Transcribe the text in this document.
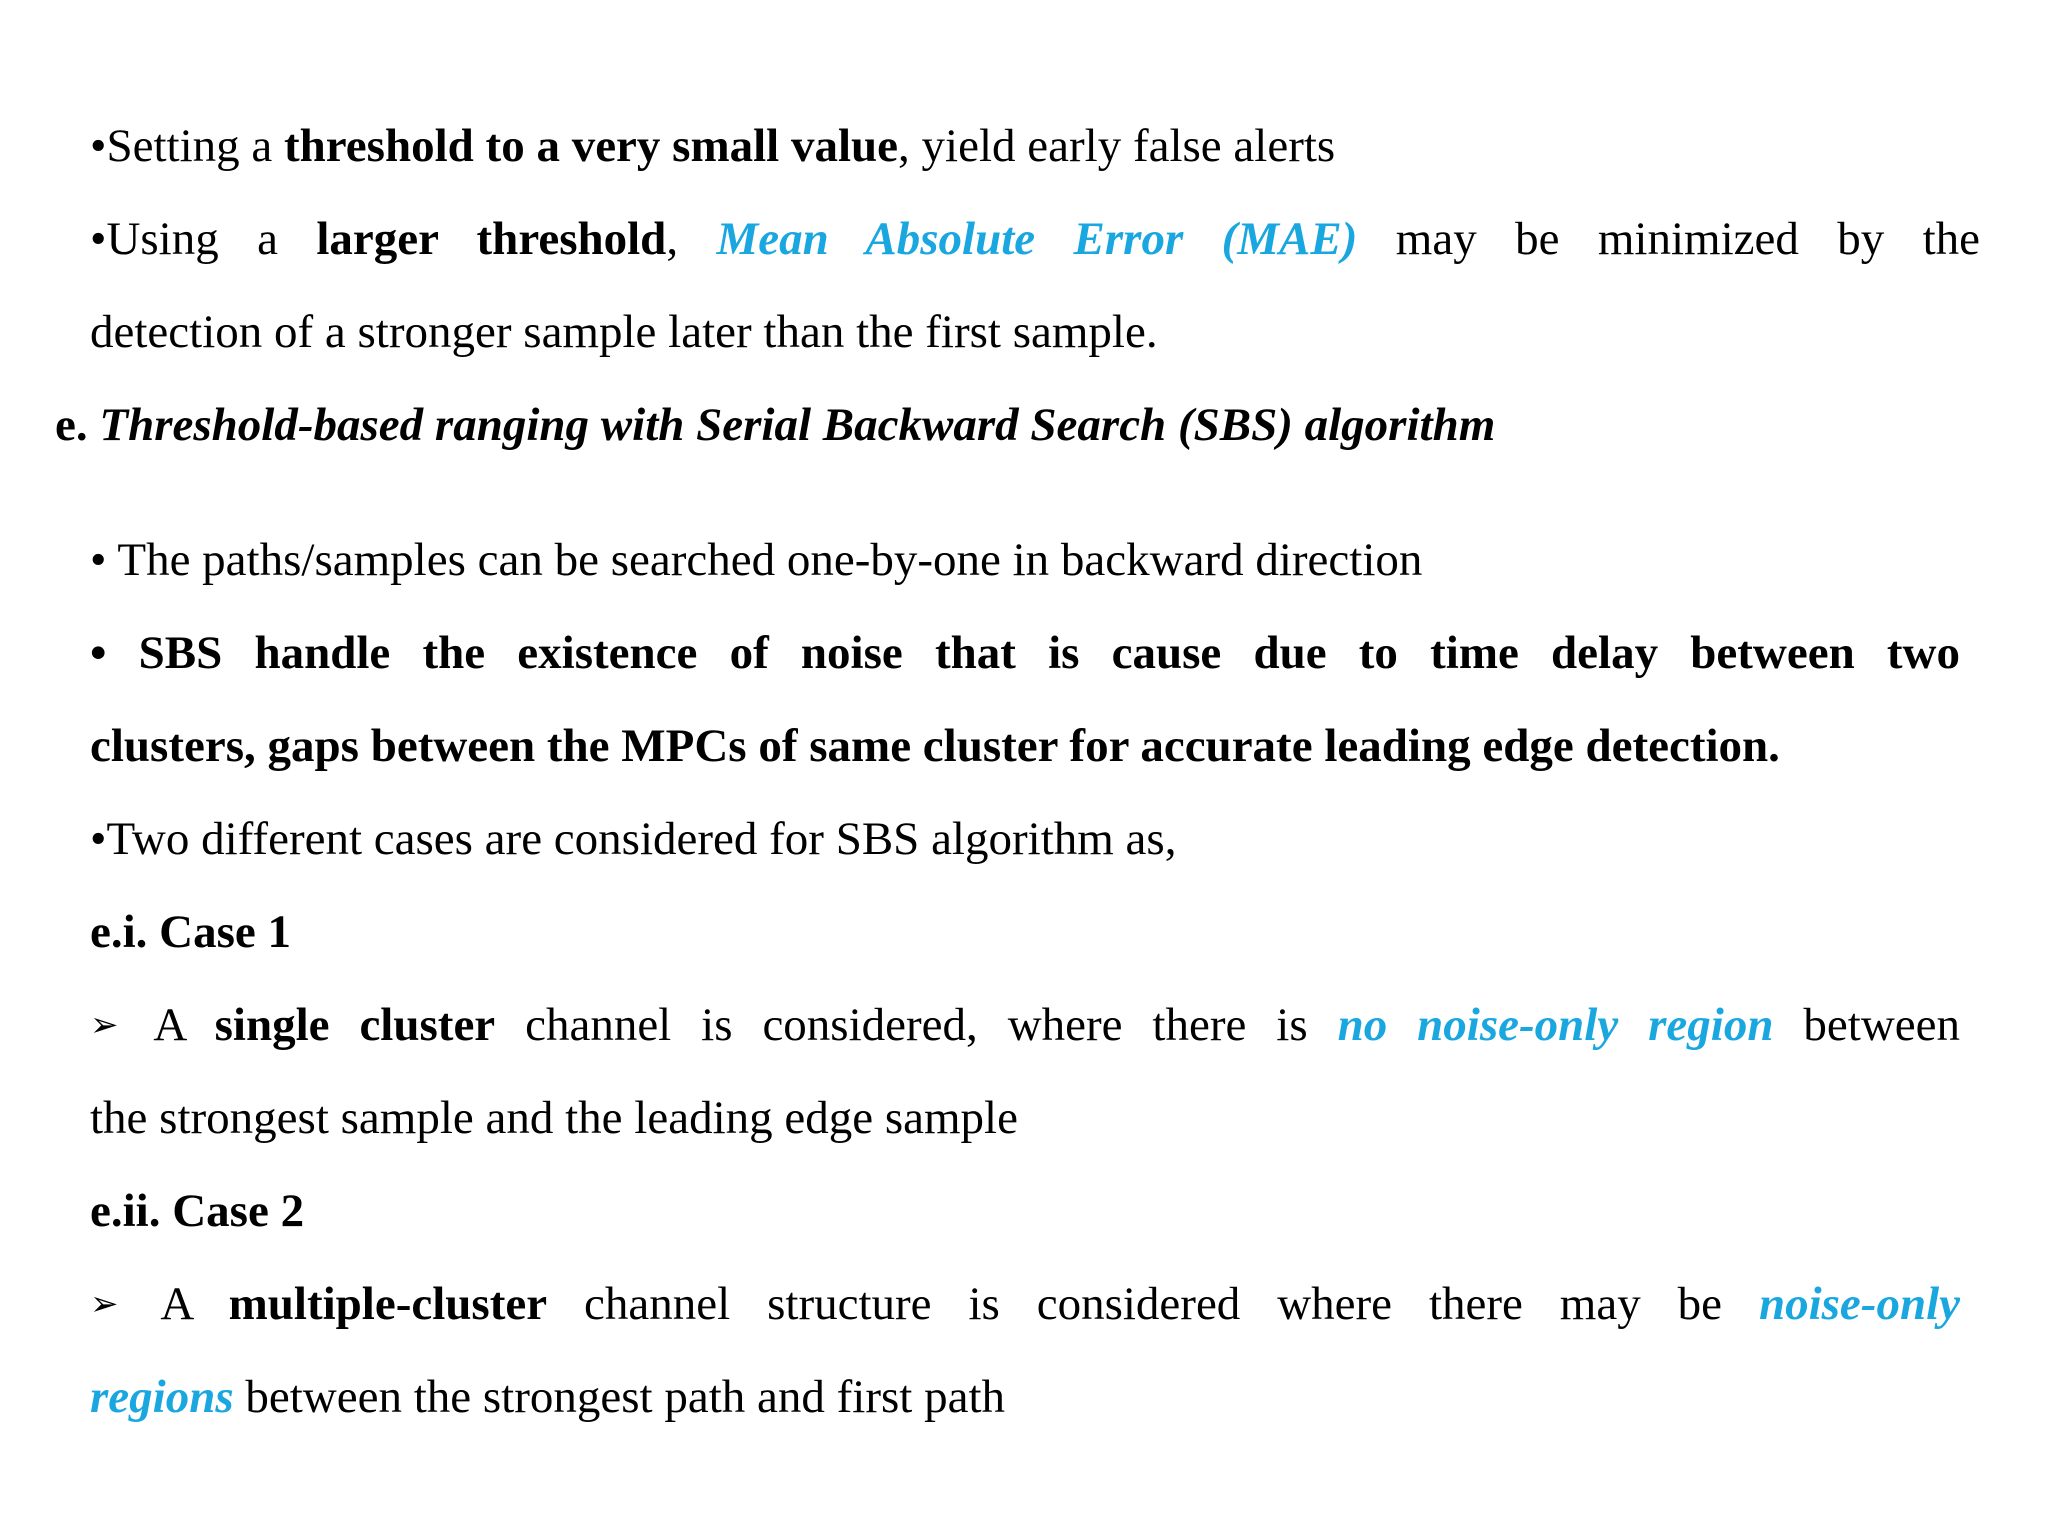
•Setting a threshold to a very small value, yield early false alerts

•Using a larger threshold, Mean Absolute Error (MAE) may be minimized by the

detection of a stronger sample later than the first sample.

e. Threshold-based ranging with Serial Backward Search (SBS) algorithm

• The paths/samples can be searched one-by-one in backward direction

• SBS handle the existence of noise that is cause due to time delay between two

clusters, gaps between the MPCs of same cluster for accurate leading edge detection.

•Two different cases are considered for SBS algorithm as,

e.i. Case 1

➢ A single cluster channel is considered, where there is no noise-only region between

the strongest sample and the leading edge sample

e.ii. Case 2

➢ A multiple-cluster channel structure is considered where there may be noise-only

regions between the strongest path and first path
